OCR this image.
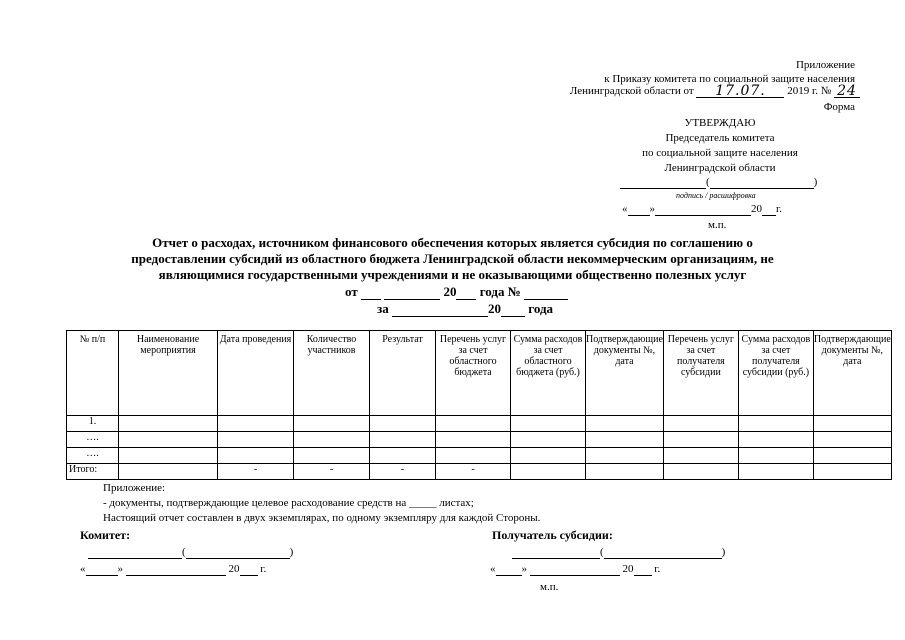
Приложение
к Приказу комитета по социальной защите населения
Ленинградской области от 17.07. 2019 г. № 24
Форма
УТВЕРЖДАЮ
Председатель комитета
по социальной защите населения
Ленинградской области
(	)
подпись / расшифровка
« »	20 г.
м.п.
Отчет о расходах, источником финансового обеспечения которых является субсидия по соглашению о
предоставлении субсидий из областного бюджета Ленинградской области некоммерческим организациям, не
являющимися государственными учреждениями и не оказывающими общественно полезных услуг
от	20 года №
за	20 года
№ п/п	Наименование мероприятия	Дата проведения	Количество участников	Результат	Перечень услуг за счет областного бюджета	Сумма расходов за счет областного бюджета (руб.)	Подтверждающие документы №, дата	Перечень услуг за счет получателя субсидии	Сумма расходов за счет получателя субсидии (руб.)	Подтверждающие документы №, дата
1.										
….										
….										
Итого:		-	-	-	-					
Приложение:
- документы, подтверждающие целевое расходование средств на _____ листах;
Настоящий отчет составлен в двух экземплярах, по одному экземпляру для каждой Стороны.
Комитет:
(	)
«	»	20 г.
Получатель субсидии:
(	)
« »	20 г.
м.п.
